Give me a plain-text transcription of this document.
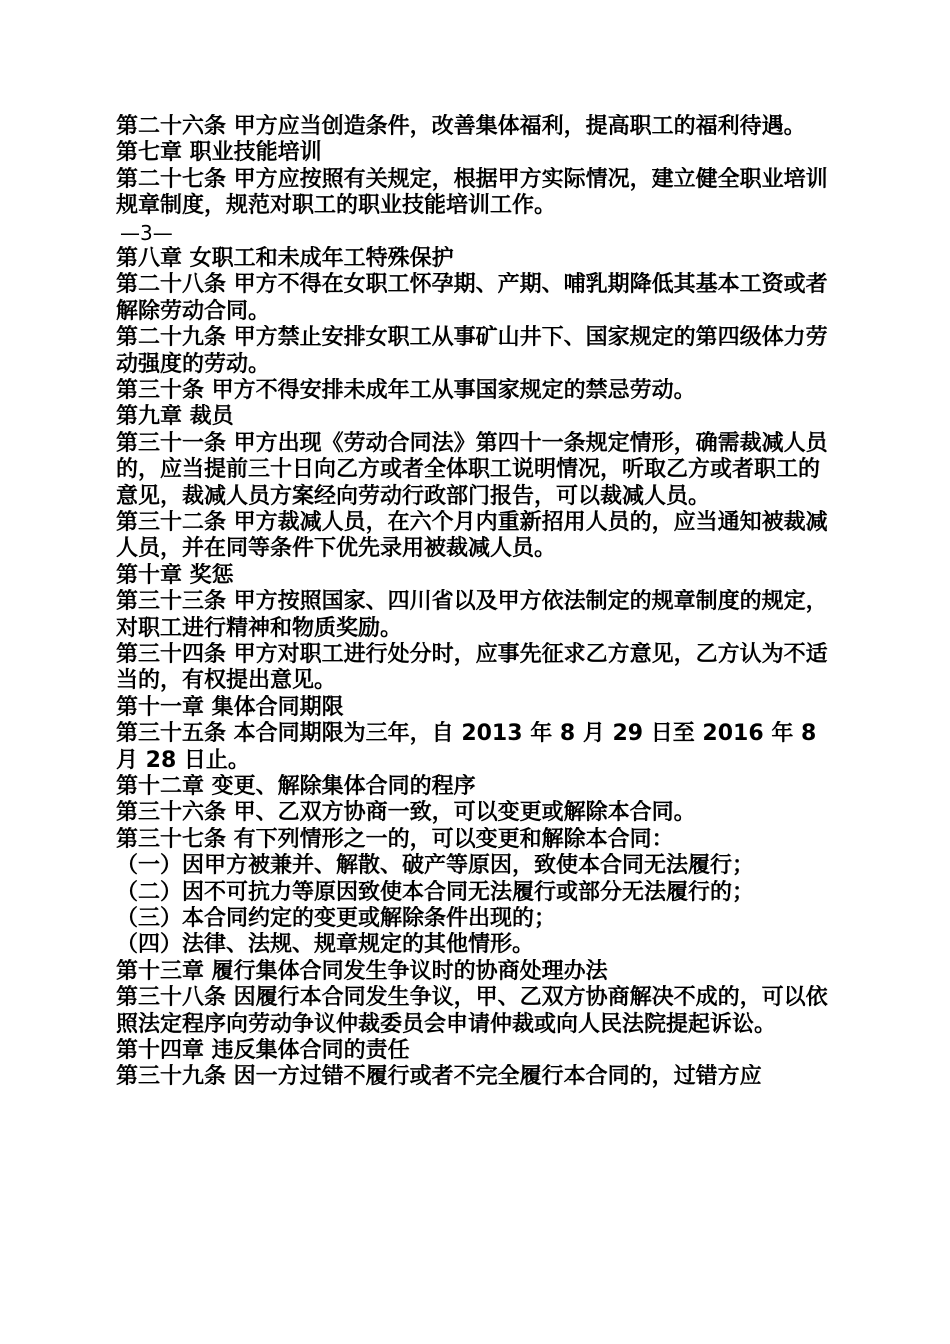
第二十六条 甲方应当创造条件，改善集体福利，提高职工的福利待遇。
第七章 职业技能培训
第二十七条 甲方应按照有关规定，根据甲方实际情况，建立健全职业培训规章制度，规范对职工的职业技能培训工作。
—3—
第八章 女职工和未成年工特殊保护
第二十八条 甲方不得在女职工怀孕期、产期、哺乳期降低其基本工资或者解除劳动合同。
第二十九条 甲方禁止安排女职工从事矿山井下、国家规定的第四级体力劳动强度的劳动。
第三十条 甲方不得安排未成年工从事国家规定的禁忌劳动。
第九章 裁员
第三十一条 甲方出现《劳动合同法》第四十一条规定情形，确需裁减人员的，应当提前三十日向乙方或者全体职工说明情况，听取乙方或者职工的意见，裁减人员方案经向劳动行政部门报告，可以裁减人员。
第三十二条 甲方裁减人员，在六个月内重新招用人员的，应当通知被裁减人员，并在同等条件下优先录用被裁减人员。
第十章 奖惩
第三十三条 甲方按照国家、四川省以及甲方依法制定的规章制度的规定，对职工进行精神和物质奖励。
第三十四条 甲方对职工进行处分时，应事先征求乙方意见，乙方认为不适当的，有权提出意见。
第十一章 集体合同期限
第三十五条 本合同期限为三年，自 2013 年 8 月 29 日至 2016 年 8 月 28 日止。
第十二章 变更、解除集体合同的程序
第三十六条 甲、乙双方协商一致，可以变更或解除本合同。
第三十七条 有下列情形之一的，可以变更和解除本合同：
（一）因甲方被兼并、解散、破产等原因，致使本合同无法履行；
（二）因不可抗力等原因致使本合同无法履行或部分无法履行的；
（三）本合同约定的变更或解除条件出现的；
（四）法律、法规、规章规定的其他情形。
第十三章 履行集体合同发生争议时的协商处理办法
第三十八条 因履行本合同发生争议，甲、乙双方协商解决不成的，可以依照法定程序向劳动争议仲裁委员会申请仲裁或向人民法院提起诉讼。
第十四章 违反集体合同的责任
第三十九条 因一方过错不履行或者不完全履行本合同的，过错方应
